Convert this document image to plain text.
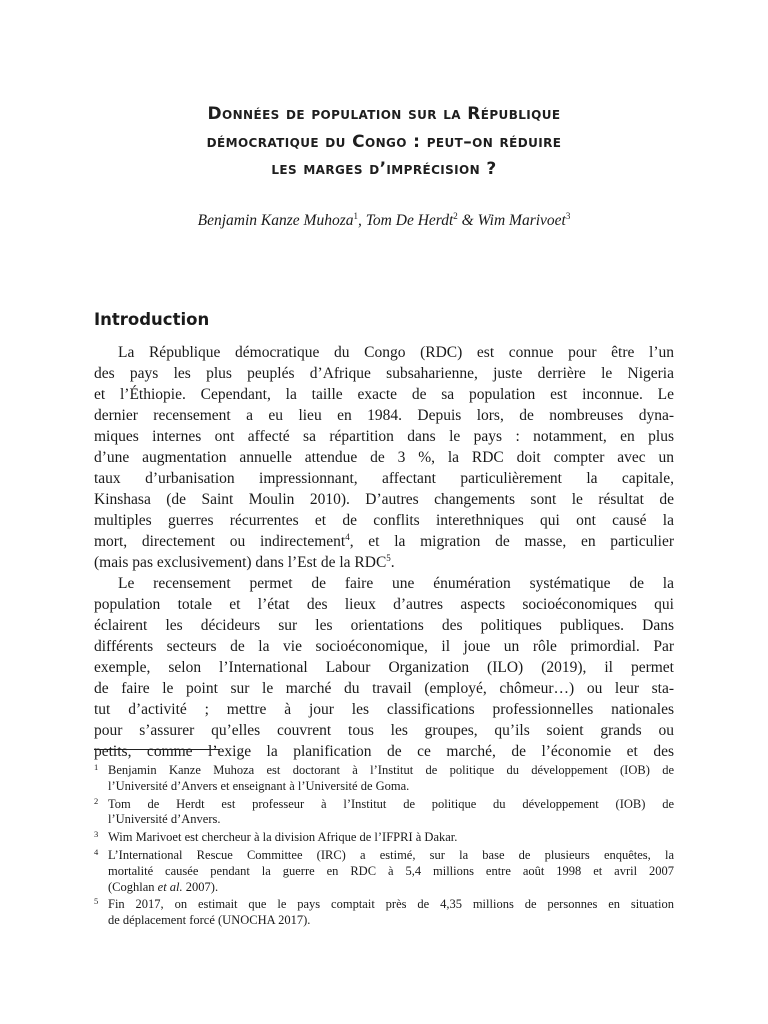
Données de population sur la République
démocratique du Congo : peut–on réduire
les marges d’imprécision ?
Benjamin Kanze Muhoza$^1$, Tom De Herdt$^2$ & Wim Marivoet$^3$
Introduction
La République démocratique du Congo (RDC) est connue pour être l’un
des pays les plus peuplés d’Afrique subsaharienne, juste derrière le Nigeria
et l’Éthiopie. Cependant, la taille exacte de sa population est inconnue. Le
dernier recensement a eu lieu en 1984. Depuis lors, de nombreuses dyna-
miques internes ont affecté sa répartition dans le pays : notamment, en plus
d’une augmentation annuelle attendue de 3 %, la RDC doit compter avec un
taux d’urbanisation impressionnant, affectant particulièrement la capitale,
Kinshasa (de Saint Moulin 2010). D’autres changements sont le résultat de
multiples guerres récurrentes et de conflits interethniques qui ont causé la
mort, directement ou indirectement$^4$, et la migration de masse, en particulier
(mais pas exclusivement) dans l’Est de la RDC$^5$.
Le recensement permet de faire une énumération systématique de la
population totale et l’état des lieux d’autres aspects socioéconomiques qui
éclairent les décideurs sur les orientations des politiques publiques. Dans
différents secteurs de la vie socioéconomique, il joue un rôle primordial. Par
exemple, selon l’International Labour Organization (ILO) (2019), il permet
de faire le point sur le marché du travail (employé, chômeur…) ou leur sta-
tut d’activité ; mettre à jour les classifications professionnelles nationales
pour s’assurer qu’elles couvrent tous les groupes, qu’ils soient grands ou
petits, comme l’exige la planification de ce marché, de l’économie et des
1 Benjamin Kanze Muhoza est doctorant à l’Institut de politique du développement (IOB) de
l’Université d’Anvers et enseignant à l’Université de Goma.
2 Tom de Herdt est professeur à l’Institut de politique du développement (IOB) de
l’Université d’Anvers.
3 Wim Marivoet est chercheur à la division Afrique de l’IFPRI à Dakar.
4 L’International Rescue Committee (IRC) a estimé, sur la base de plusieurs enquêtes, la
mortalité causée pendant la guerre en RDC à 5,4 millions entre août 1998 et avril 2007
(Coghlan et al. 2007).
5 Fin 2017, on estimait que le pays comptait près de 4,35 millions de personnes en situation
de déplacement forcé (UNOCHA 2017).
